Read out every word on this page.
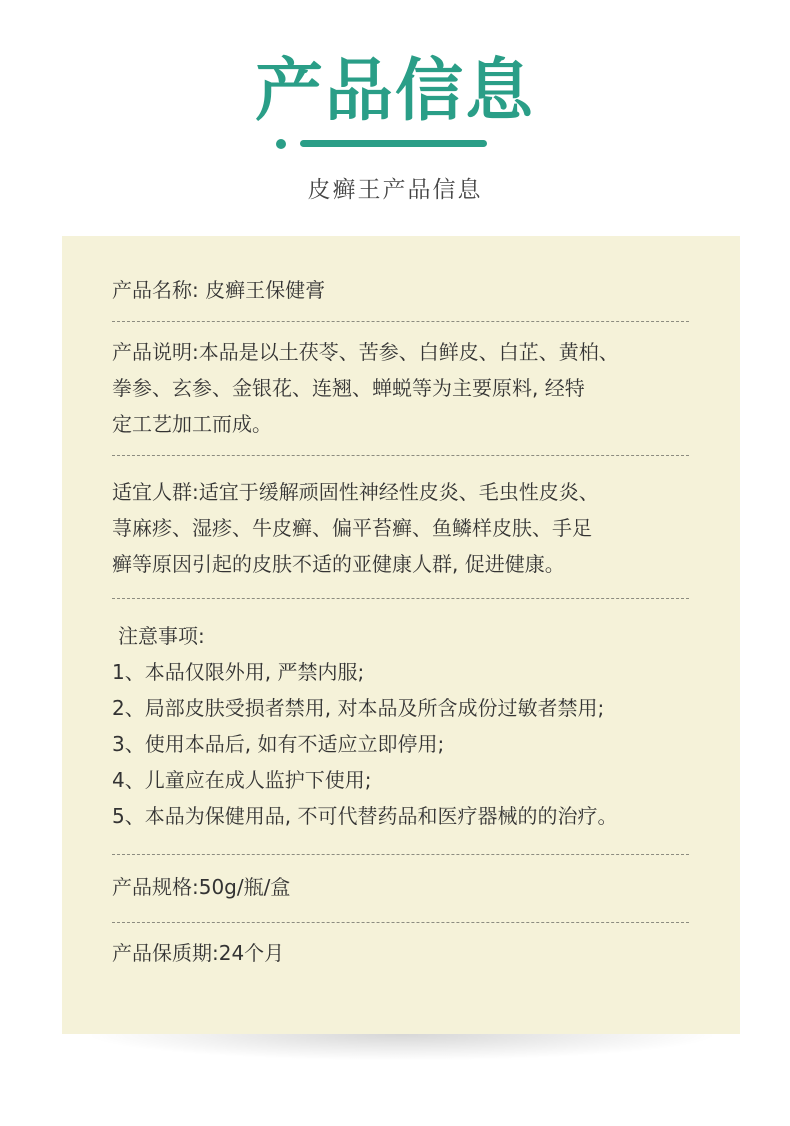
产品信息
皮癣王产品信息
产品名称: 皮癣王保健膏
产品说明:本品是以土茯苓、苦参、白鲜皮、白芷、黄柏、
拳参、玄参、金银花、连翘、蝉蜕等为主要原料, 经特
定工艺加工而成。
适宜人群:适宜于缓解顽固性神经性皮炎、毛虫性皮炎、
荨麻疹、湿疹、牛皮癣、偏平苔癣、鱼鳞样皮肤、手足
癣等原因引起的皮肤不适的亚健康人群, 促进健康。
注意事项:
1、本品仅限外用, 严禁内服;
2、局部皮肤受损者禁用, 对本品及所含成份过敏者禁用;
3、使用本品后, 如有不适应立即停用;
4、儿童应在成人监护下使用;
5、本品为保健用品, 不可代替药品和医疗器械的的治疗。
产品规格:50g/瓶/盒
产品保质期:24个月
